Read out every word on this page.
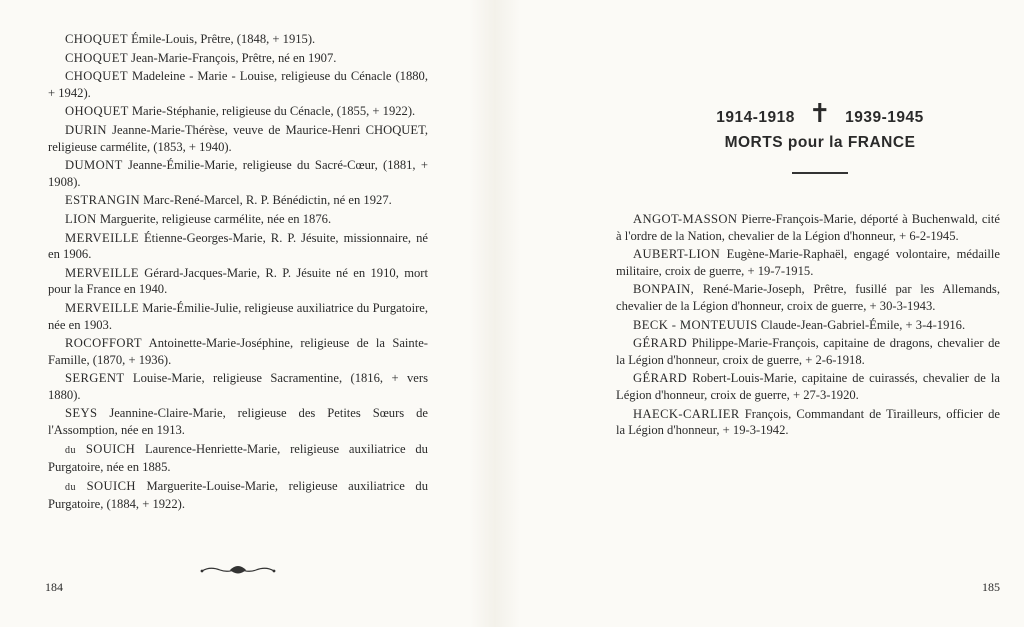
CHOQUET Émile-Louis, Prêtre, (1848, + 1915).

CHOQUET Jean-Marie-François, Prêtre, né en 1907.

CHOQUET Madeleine - Marie - Louise, religieuse du Cénacle (1880, + 1942).

OHOQUET Marie-Stéphanie, religieuse du Cénacle, (1855, + 1922).

DURIN Jeanne-Marie-Thérèse, veuve de Maurice-Henri CHOQUET, religieuse carmélite, (1853, + 1940).

DUMONT Jeanne-Émilie-Marie, religieuse du Sacré-Cœur, (1881, + 1908).

ESTRANGIN Marc-René-Marcel, R. P. Bénédictin, né en 1927.

LION Marguerite, religieuse carmélite, née en 1876.

MERVEILLE Étienne-Georges-Marie, R. P. Jésuite, missionnaire, né en 1906.

MERVEILLE Gérard-Jacques-Marie, R. P. Jésuite né en 1910, mort pour la France en 1940.

MERVEILLE Marie-Émilie-Julie, religieuse auxiliatrice du Purgatoire, née en 1903.

ROCOFFORT Antoinette-Marie-Joséphine, religieuse de la Sainte-Famille, (1870, + 1936).

SERGENT Louise-Marie, religieuse Sacramentine, (1816, + vers 1880).

SEYS Jeannine-Claire-Marie, religieuse des Petites Sœurs de l'Assomption, née en 1913.

du SOUICH Laurence-Henriette-Marie, religieuse auxiliatrice du Purgatoire, née en 1885.

du SOUICH Marguerite-Louise-Marie, religieuse auxiliatrice du Purgatoire, (1884, + 1922).

184
1914-1918 ✝ 1939-1945
MORTS pour la FRANCE

ANGOT-MASSON Pierre-François-Marie, déporté à Buchenwald, cité à l'ordre de la Nation, chevalier de la Légion d'honneur, + 6-2-1945.

AUBERT-LION Eugène-Marie-Raphaël, engagé volontaire, médaille militaire, croix de guerre, + 19-7-1915.

BONPAIN, René-Marie-Joseph, Prêtre, fusillé par les Allemands, chevalier de la Légion d'honneur, croix de guerre, + 30-3-1943.

BECK - MONTEUUIS Claude-Jean-Gabriel-Émile, + 3-4-1916.

GÉRARD Philippe-Marie-François, capitaine de dragons, chevalier de la Légion d'honneur, croix de guerre, + 2-6-1918.

GÉRARD Robert-Louis-Marie, capitaine de cuirassés, chevalier de la Légion d'honneur, croix de guerre, + 27-3-1920.

HAECK-CARLIER François, Commandant de Tirailleurs, officier de la Légion d'honneur, + 19-3-1942.

185
